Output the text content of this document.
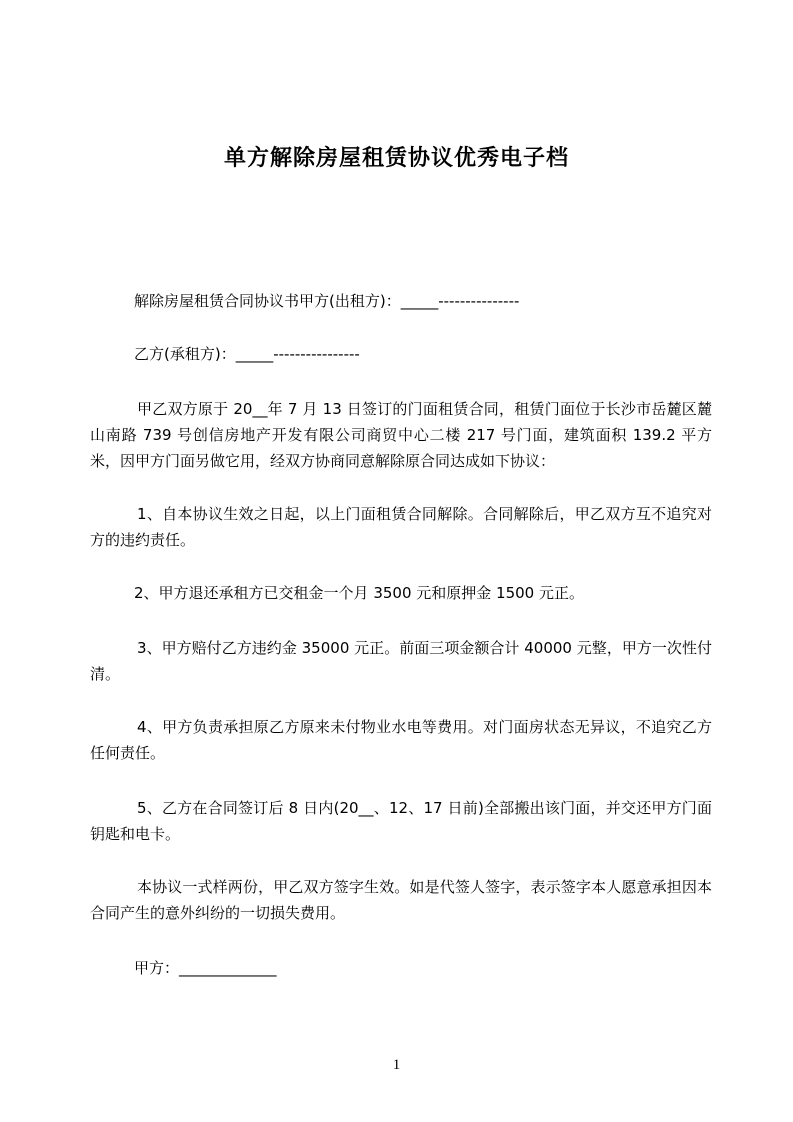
单方解除房屋租赁协议优秀电子档
解除房屋租赁合同协议书甲方(出租方)：_____---------------
乙方(承租方)：_____----------------
甲乙双方原于 20__年 7 月 13 日签订的门面租赁合同，租赁门面位于长沙市岳麓区麓山南路 739 号创信房地产开发有限公司商贸中心二楼 217 号门面，建筑面积 139.2 平方米，因甲方门面另做它用，经双方协商同意解除原合同达成如下协议：
1、自本协议生效之日起，以上门面租赁合同解除。合同解除后，甲乙双方互不追究对方的违约责任。
2、甲方退还承租方已交租金一个月 3500 元和原押金 1500 元正。
3、甲方赔付乙方违约金 35000 元正。前面三项金额合计 40000 元整，甲方一次性付清。
4、甲方负责承担原乙方原来未付物业水电等费用。对门面房状态无异议，不追究乙方任何责任。
5、乙方在合同签订后 8 日内(20__、12、17 日前)全部搬出该门面，并交还甲方门面钥匙和电卡。
本协议一式样两份，甲乙双方签字生效。如是代签人签字，表示签字本人愿意承担因本合同产生的意外纠纷的一切损失费用。
甲方：_____________
1
